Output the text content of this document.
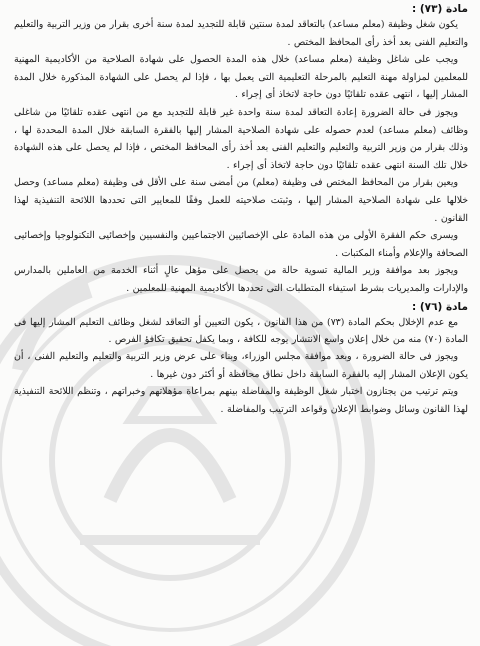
مادة (٧٣) :

يكون شغل وظيفة (معلم مساعد) بالتعاقد لمدة سنتين قابلة للتجديد لمدة سنة أخرى بقرار من وزير التربية والتعليم والتعليم الفنى بعد أخذ رأى المحافظ المختص .

ويجب على شاغل وظيفة (معلم مساعد) خلال هذه المدة الحصول على شهادة الصلاحية من الأكاديمية المهنية للمعلمين لمزاولة مهنة التعليم بالمرحلة التعليمية التى يعمل بها ، فإذا لم يحصل على الشهادة المذكورة خلال المدة المشار إليها ، انتهى عقده تلقائيًا دون حاجة لاتخاذ أى إجراء .

ويجوز فى حالة الضرورة إعادة التعاقد لمدة سنة واحدة غير قابلة للتجديد مع من انتهى عقده تلقائيًا من شاغلى وظائف (معلم مساعد) لعدم حصوله على شهادة الصلاحية المشار إليها بالفقرة السابقة خلال المدة المحددة لها ، وذلك بقرار من وزير التربية والتعليم والتعليم الفنى بعد أخذ رأى المحافظ المختص ، فإذا لم يحصل على هذه الشهادة خلال تلك السنة انتهى عقده تلقائيًا دون حاجة لاتخاذ أى إجراء .

ويعين بقرار من المحافظ المختص فى وظيفة (معلم) من أمضى سنة على الأقل فى وظيفة (معلم مساعد) وحصل خلالها على شهادة الصلاحية المشار إليها ، وثبتت صلاحيته للعمل وفقًا للمعايير التى تحددها اللائحة التنفيذية لهذا القانون .

ويسرى حكم الفقرة الأولى من هذه المادة على الإخصائيين الاجتماعيين والنفسيين وإخصائيى التكنولوجيا وإخصائيى الصحافة والإعلام وأمناء المكتبات .

ويجوز بعد موافقة وزير المالية تسوية حالة من يحصل على مؤهل عالٍ أثناء الخدمة من العاملين بالمدارس والإدارات والمديريات بشرط استيفاء المتطلبات التى تحددها الأكاديمية المهنية للمعلمين .

مادة (٧٦) :

مع عدم الإخلال بحكم المادة (٧٣) من هذا القانون ، يكون التعيين أو التعاقد لشغل وظائف التعليم المشار إليها فى المادة (٧٠) منه من خلال إعلان واسع الانتشار يوجه للكافة ، وبما يكفل تحقيق تكافؤ الفرص .

ويجوز فى حالة الضرورة ، وبعد موافقة مجلس الوزراء، وبناء على عرض وزير التربية والتعليم والتعليم الفنى ، أن يكون الإعلان المشار إليه بالفقرة السابقة داخل نطاق محافظة أو أكثر دون غيرها .

ويتم ترتيب من يجتازون اختبار شغل الوظيفة والمفاضلة بينهم بمراعاة مؤهلاتهم وخبراتهم ، وتنظم اللائحة التنفيذية لهذا القانون وسائل وضوابط الإعلان وقواعد الترتيب والمفاضلة .
